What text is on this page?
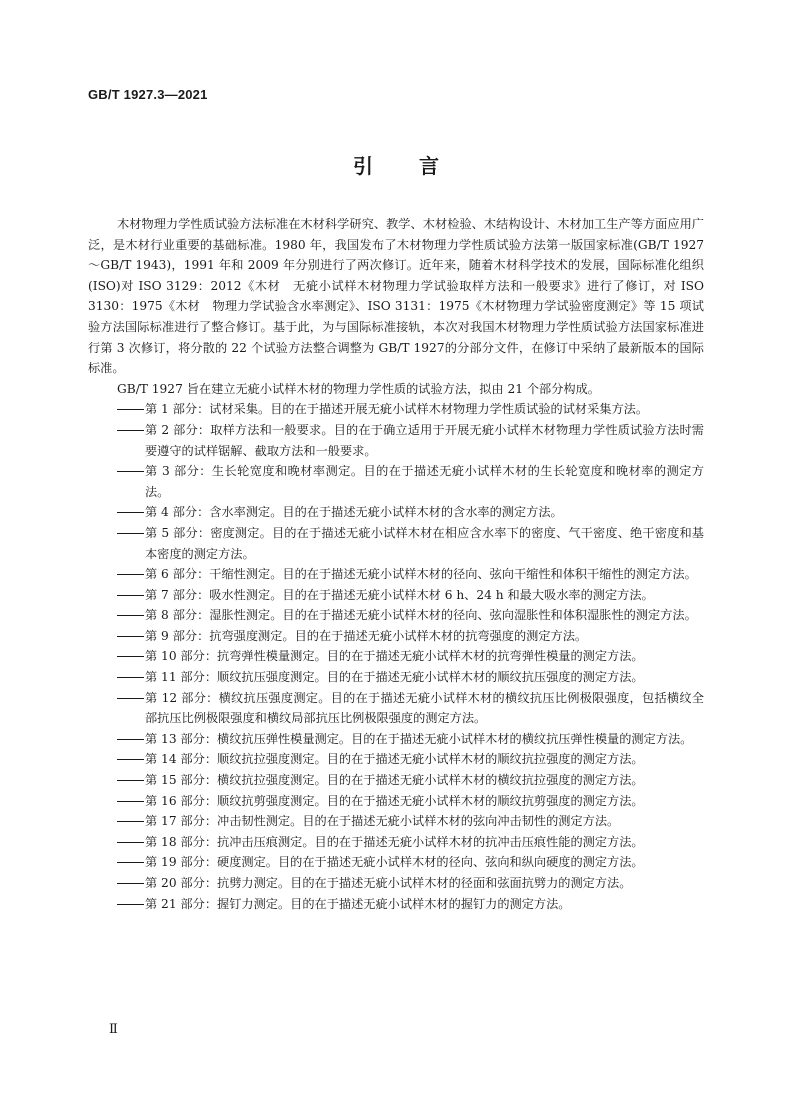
GB/T 1927.3—2021
引言

木材物理力学性质试验方法标准在木材科学研究、教学、木材检验、木结构设计、木材加工生产等方面应用广泛，是木材行业重要的基础标准。1980 年，我国发布了木材物理力学性质试验方法第一版国家标准(GB/T 1927～GB/T 1943)，1991 年和 2009 年分别进行了两次修订。近年来，随着木材科学技术的发展，国际标准化组织(ISO)对 ISO 3129：2012《木材　无疵小试样木材物理力学试验取样方法和一般要求》进行了修订，对 ISO 3130：1975《木材　物理力学试验含水率测定》、ISO 3131：1975《木材物理力学试验密度测定》等 15 项试验方法国际标准进行了整合修订。基于此，为与国际标准接轨，本次对我国木材物理力学性质试验方法国家标准进行第 3 次修订，将分散的 22 个试验方法整合调整为 GB/T 1927的分部分文件，在修订中采纳了最新版本的国际标准。

GB/T 1927 旨在建立无疵小试样木材的物理力学性质的试验方法，拟由 21 个部分构成。

第 1 部分：试材采集。目的在于描述开展无疵小试样木材物理力学性质试验的试材采集方法。
第 2 部分：取样方法和一般要求。目的在于确立适用于开展无疵小试样木材物理力学性质试验方法时需要遵守的试样锯解、截取方法和一般要求。
第 3 部分：生长轮宽度和晚材率测定。目的在于描述无疵小试样木材的生长轮宽度和晚材率的测定方法。
第 4 部分：含水率测定。目的在于描述无疵小试样木材的含水率的测定方法。
第 5 部分：密度测定。目的在于描述无疵小试样木材在相应含水率下的密度、气干密度、绝干密度和基本密度的测定方法。
第 6 部分：干缩性测定。目的在于描述无疵小试样木材的径向、弦向干缩性和体积干缩性的测定方法。
第 7 部分：吸水性测定。目的在于描述无疵小试样木材 6 h、24 h 和最大吸水率的测定方法。
第 8 部分：湿胀性测定。目的在于描述无疵小试样木材的径向、弦向湿胀性和体积湿胀性的测定方法。
第 9 部分：抗弯强度测定。目的在于描述无疵小试样木材的抗弯强度的测定方法。
第 10 部分：抗弯弹性模量测定。目的在于描述无疵小试样木材的抗弯弹性模量的测定方法。
第 11 部分：顺纹抗压强度测定。目的在于描述无疵小试样木材的顺纹抗压强度的测定方法。
第 12 部分：横纹抗压强度测定。目的在于描述无疵小试样木材的横纹抗压比例极限强度，包括横纹全部抗压比例极限强度和横纹局部抗压比例极限强度的测定方法。
第 13 部分：横纹抗压弹性模量测定。目的在于描述无疵小试样木材的横纹抗压弹性模量的测定方法。
第 14 部分：顺纹抗拉强度测定。目的在于描述无疵小试样木材的顺纹抗拉强度的测定方法。
第 15 部分：横纹抗拉强度测定。目的在于描述无疵小试样木材的横纹抗拉强度的测定方法。
第 16 部分：顺纹抗剪强度测定。目的在于描述无疵小试样木材的顺纹抗剪强度的测定方法。
第 17 部分：冲击韧性测定。目的在于描述无疵小试样木材的弦向冲击韧性的测定方法。
第 18 部分：抗冲击压痕测定。目的在于描述无疵小试样木材的抗冲击压痕性能的测定方法。
第 19 部分：硬度测定。目的在于描述无疵小试样木材的径向、弦向和纵向硬度的测定方法。
第 20 部分：抗劈力测定。目的在于描述无疵小试样木材的径面和弦面抗劈力的测定方法。
第 21 部分：握钉力测定。目的在于描述无疵小试样木材的握钉力的测定方法。
Ⅱ
